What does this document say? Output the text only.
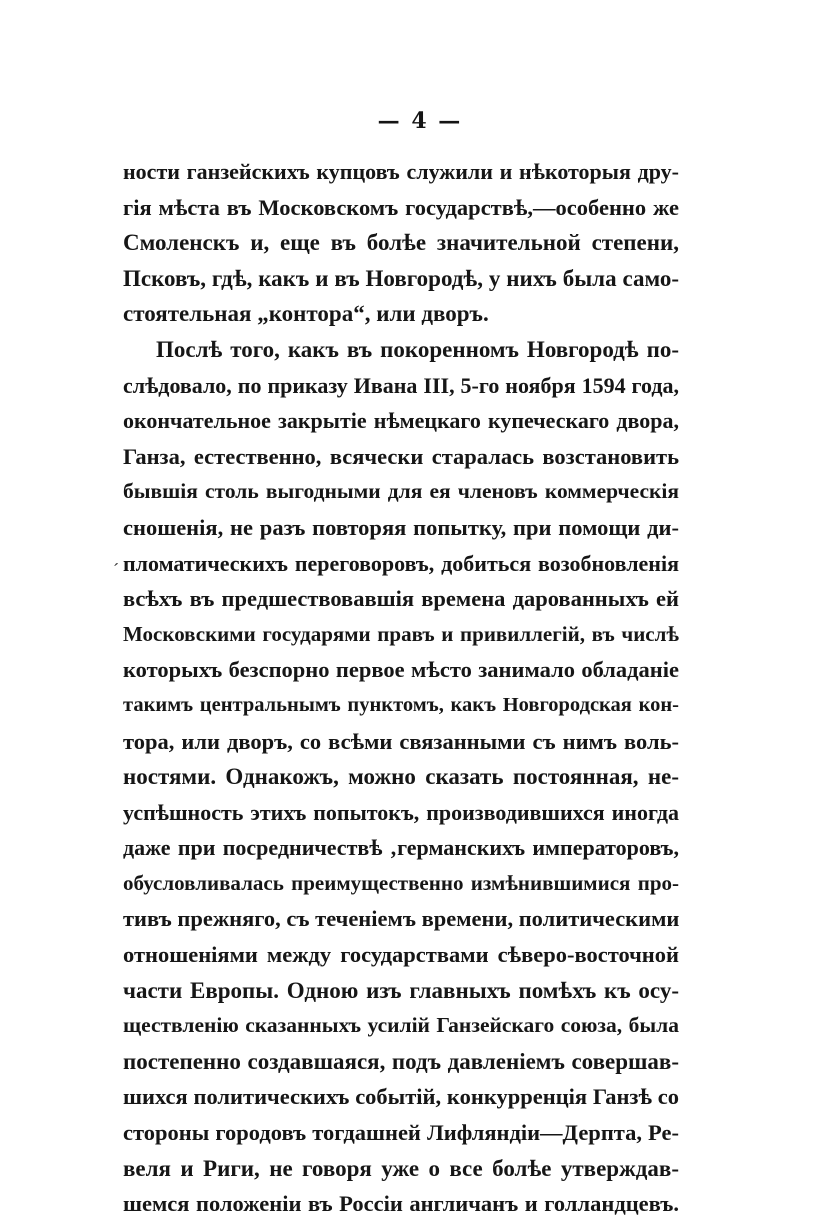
— 4 —
´
ности ганзейскихъ купцовъ служили и нѣкоторыя дру-
гія мѣста въ Московскомъ государствѣ,—особенно же
Смоленскъ и, еще въ болѣе значительной степени,
Псковъ, гдѣ, какъ и въ Новгородѣ, у нихъ была само-
стоятельная „контора“, или дворъ.
Послѣ того, какъ въ покоренномъ Новгородѣ по-
слѣдовало, по приказу Ивана III, 5-го ноября 1594 года,
окончательное закрытіе нѣмецкаго купеческаго двора,
Ганза, естественно, всячески старалась возстановить
бывшія столь выгодными для ея членовъ коммерческія
сношенія, не разъ повторяя попытку, при помощи ди-
пломатическихъ переговоровъ, добиться возобновленія
всѣхъ въ предшествовавшія времена дарованныхъ ей
Московскими государями правъ и привиллегій, въ числѣ
которыхъ безспорно первое мѣсто занимало обладаніе
такимъ центральнымъ пунктомъ, какъ Новгородская кон-
тора, или дворъ, со всѣми связанными съ нимъ воль-
ностями. Однакожъ, можно сказать постоянная, не-
успѣшность этихъ попытокъ, производившихся иногда
даже при посредничествѣ ‚германскихъ императоровъ,
обусловливалась преимущественно измѣнившимися про-
тивъ прежняго, съ теченіемъ времени, политическими
отношеніями между государствами сѣверо-восточной
части Европы. Одною изъ главныхъ помѣхъ къ осу-
ществленію сказанныхъ усилій Ганзейскаго союза, была
постепенно создавшаяся, подъ давленіемъ совершав-
шихся политическихъ событій, конкурренція Ганзѣ со
стороны городовъ тогдашней Лифляндіи—Дерпта, Ре-
веля и Риги, не говоря уже о все болѣе утверждав-
шемся положеніи въ Россіи англичанъ и голландцевъ.
